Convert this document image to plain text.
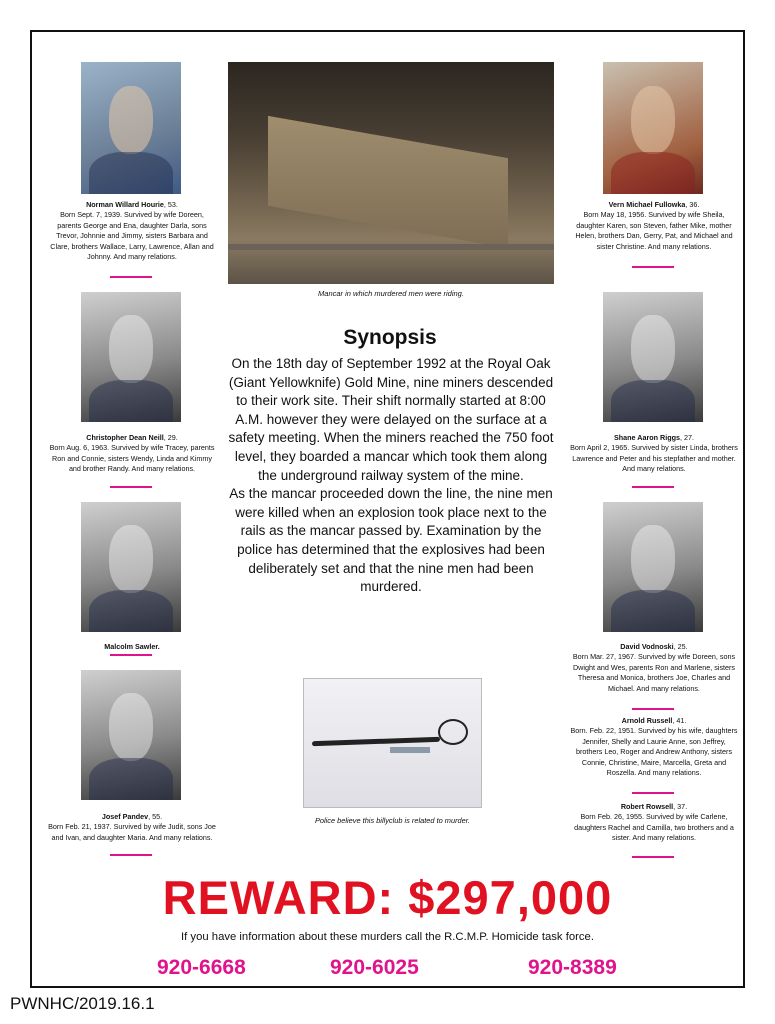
Norman Willard Hourie, 53.
Born Sept. 7, 1939. Survived by wife Doreen, parents George and Ena, daughter Darla, sons Trevor, Johnnie and Jimmy, sisters Barbara and Clare, brothers Wallace, Larry, Lawrence, Allan and Johnny. And many relations.
Christopher Dean Neill, 29.
Born Aug. 6, 1963. Survived by wife Tracey, parents Ron and Connie, sisters Wendy, Linda and Kimmy and brother Randy. And many relations.
Malcolm Sawler.
Josef Pandev, 55.
Born Feb. 21, 1937. Survived by wife Judit, sons Joe and Ivan, and daughter Maria. And many relations.
Vern Michael Fullowka, 36.
Born May 18, 1956. Survived by wife Sheila, daughter Karen, son Steven, father Mike, mother Helen, brothers Dan, Gerry, Pat, and Michael and sister Christine. And many relations.
Shane Aaron Riggs, 27.
Born April 2, 1965. Survived by sister Linda, brothers Lawrence and Peter and his stepfather and mother. And many relations.
David Vodnoski, 25.
Born Mar. 27, 1967. Survived by wife Doreen, sons Dwight and Wes, parents Ron and Marlene, sisters Theresa and Monica, brothers Joe, Charles and Michael. And many relations.
Arnold Russell, 41.
Born. Feb. 22, 1951. Survived by his wife, daughters Jennifer, Shelly and Laurie Anne, son Jeffrey, brothers Leo, Roger and Andrew Anthony, sisters Connie, Christine, Maire, Marcella, Greta and Roszella. And many relations.
Robert Rowsell, 37.
Born Feb. 26, 1955. Survived by wife Carlene, daughters Rachel and Camilla, two brothers and a sister. And many relations.
Mancar in which murdered men were riding.
Synopsis
On the 18th day of September 1992 at the Royal Oak (Giant Yellowknife) Gold Mine, nine miners descended to their work site. Their shift normally started at 8:00 A.M. however they were delayed on the surface at a safety meeting. When the miners reached the 750 foot level, they boarded a mancar which took them along the underground railway system of the mine.
As the mancar proceeded down the line, the nine men were killed when an explosion took place next to the rails as the mancar passed by. Examination by the police has determined that the explosives had been deliberately set and that the nine men had been murdered.
Police believe this billyclub is related to murder.
REWARD: $297,000
If you have information about these murders call the R.C.M.P. Homicide task force.
920-6668	920-6025	920-8389
PWNHC/2019.16.1
